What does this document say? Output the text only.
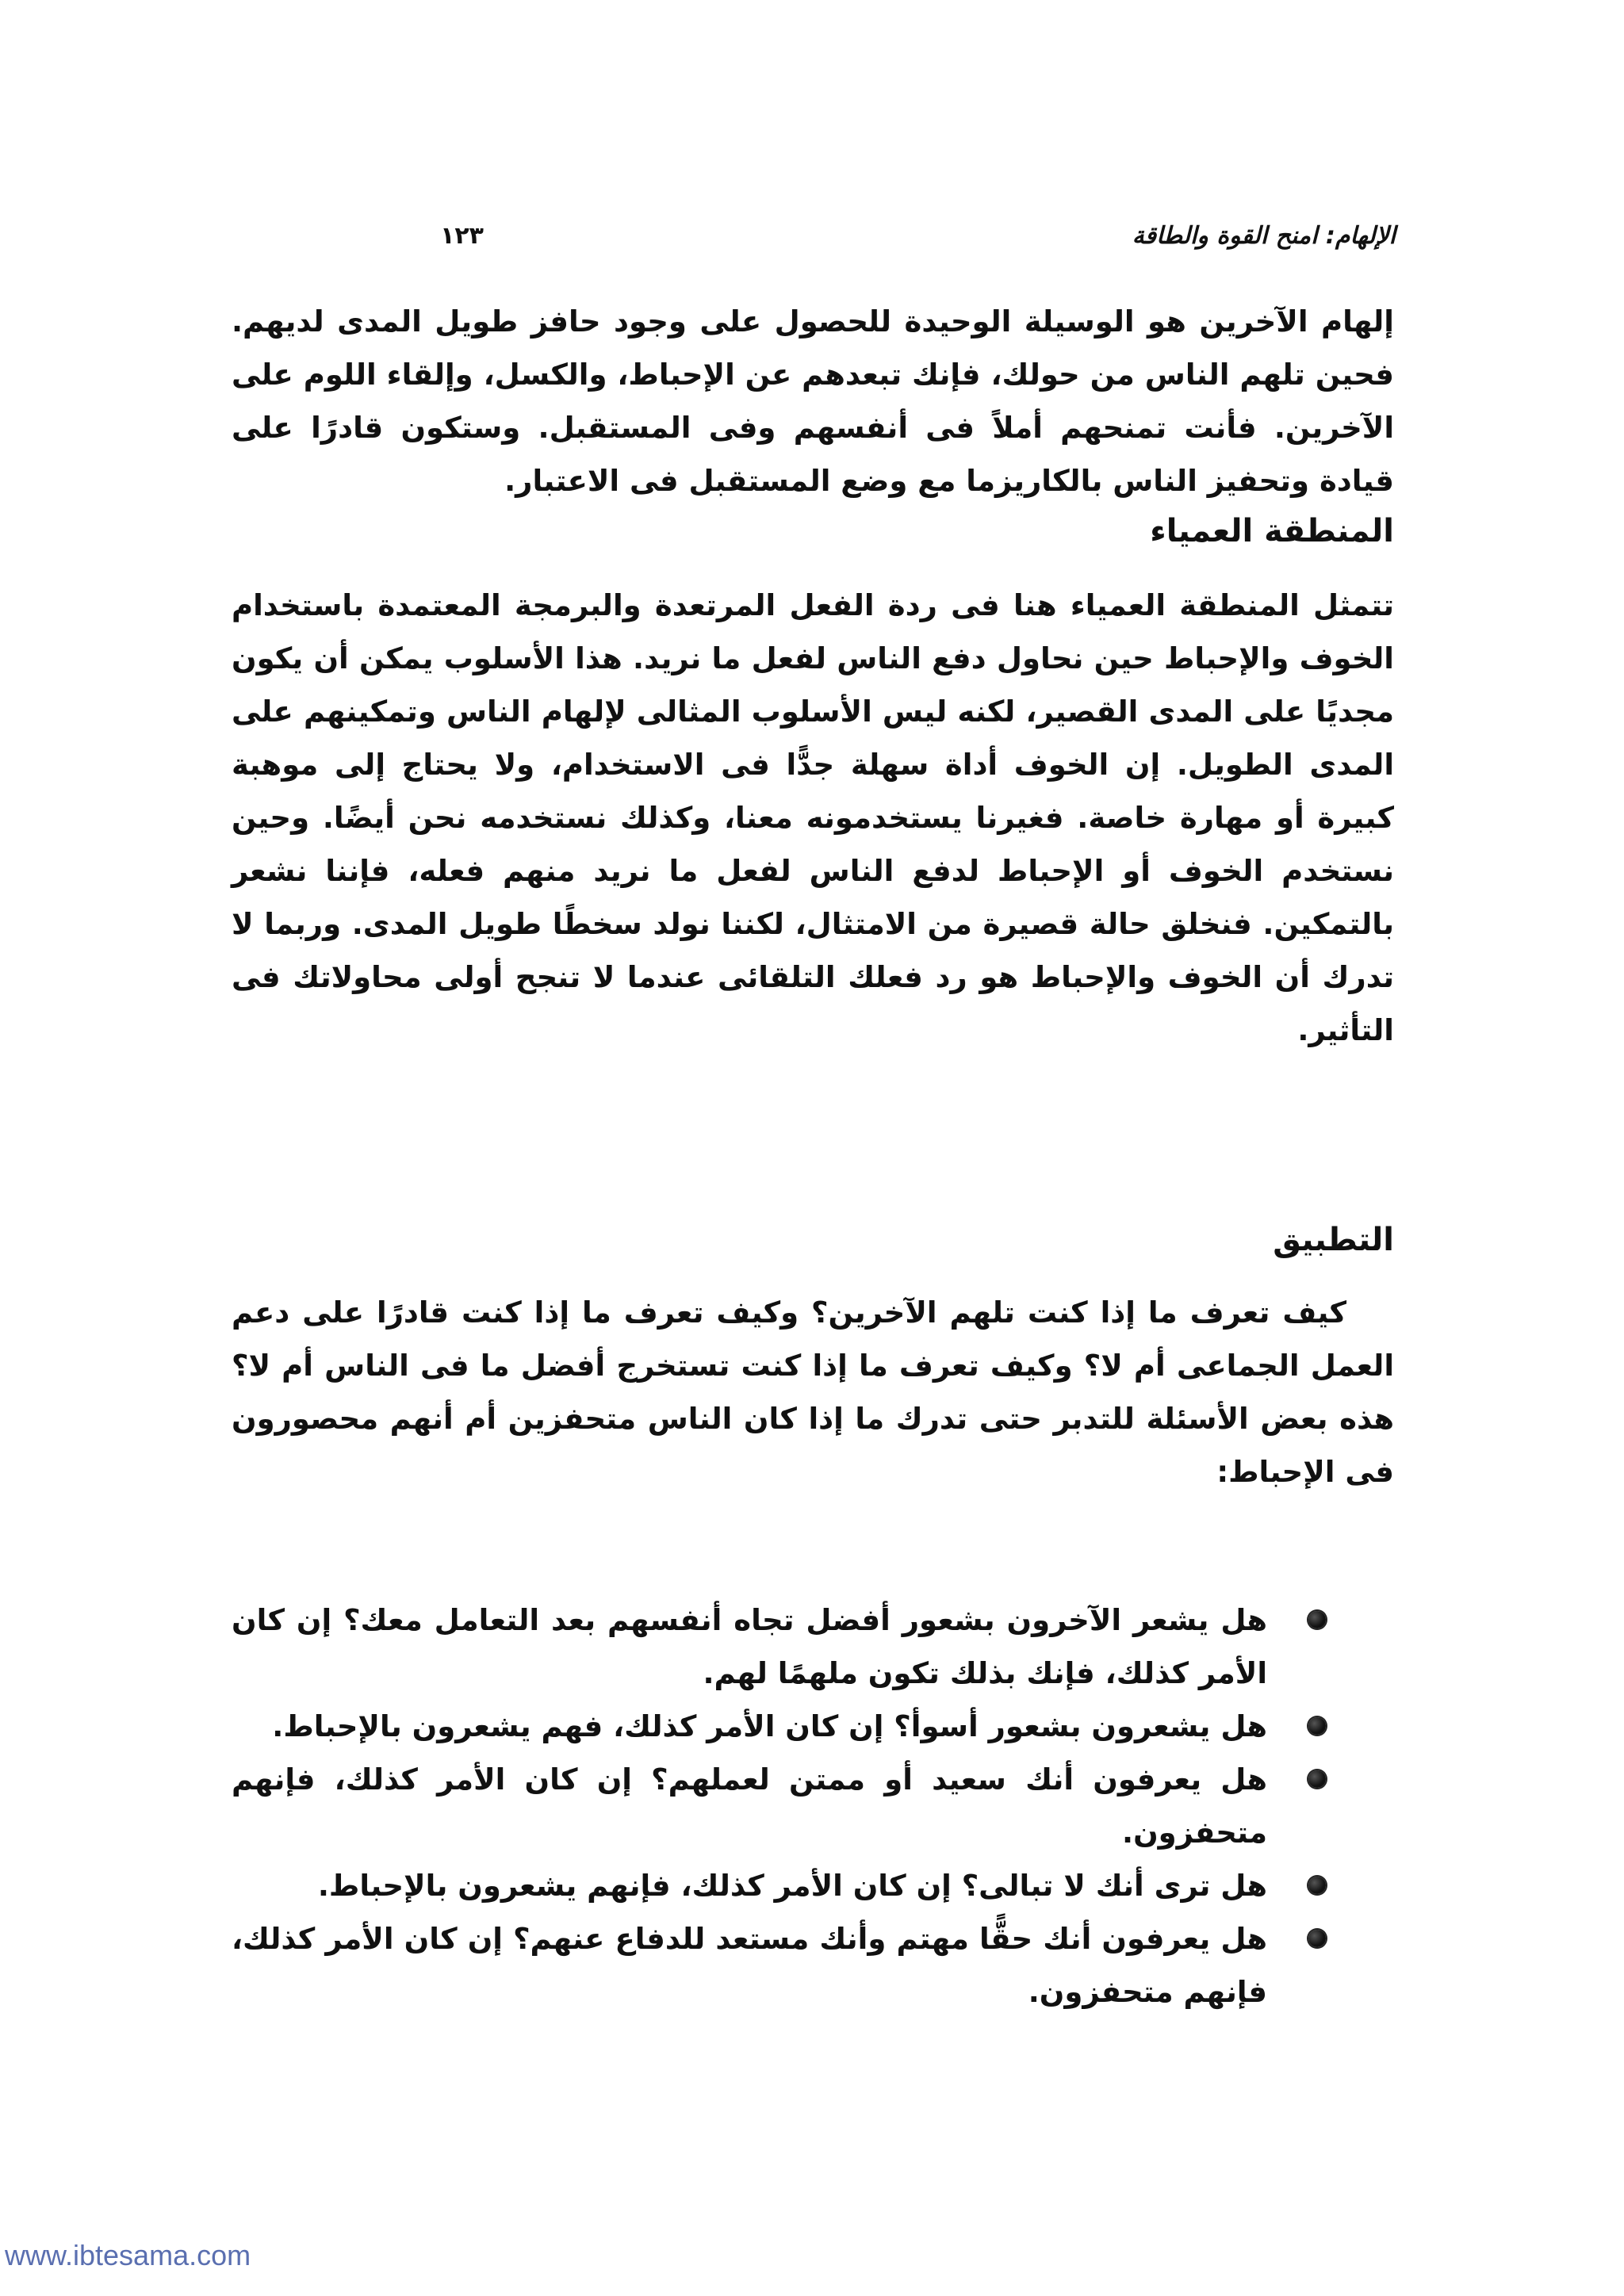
الإلهام: امنح القوة والطاقة
١٢٣

إلهام الآخرين هو الوسيلة الوحيدة للحصول على وجود حافز طويل المدى لديهم. فحين تلهم الناس من حولك، فإنك تبعدهم عن الإحباط، والكسل، وإلقاء اللوم على الآخرين. فأنت تمنحهم أملاً فى أنفسهم وفى المستقبل. وستكون قادرًا على قيادة وتحفيز الناس بالكاريزما مع وضع المستقبل فى الاعتبار.

المنطقة العمياء

تتمثل المنطقة العمياء هنا فى ردة الفعل المرتعدة والبرمجة المعتمدة باستخدام الخوف والإحباط حين نحاول دفع الناس لفعل ما نريد. هذا الأسلوب يمكن أن يكون مجديًا على المدى القصير، لكنه ليس الأسلوب المثالى لإلهام الناس وتمكينهم على المدى الطويل. إن الخوف أداة سهلة جدًّا فى الاستخدام، ولا يحتاج إلى موهبة كبيرة أو مهارة خاصة. فغيرنا يستخدمونه معنا، وكذلك نستخدمه نحن أيضًا. وحين نستخدم الخوف أو الإحباط لدفع الناس لفعل ما نريد منهم فعله، فإننا نشعر بالتمكين. فنخلق حالة قصيرة من الامتثال، لكننا نولد سخطًا طويل المدى. وربما لا تدرك أن الخوف والإحباط هو رد فعلك التلقائى عندما لا تنجح أولى محاولاتك فى التأثير.

التطبيق

كيف تعرف ما إذا كنت تلهم الآخرين؟ وكيف تعرف ما إذا كنت قادرًا على دعم العمل الجماعى أم لا؟ وكيف تعرف ما إذا كنت تستخرج أفضل ما فى الناس أم لا؟ هذه بعض الأسئلة للتدبر حتى تدرك ما إذا كان الناس متحفزين أم أنهم محصورون فى الإحباط:

هل يشعر الآخرون بشعور أفضل تجاه أنفسهم بعد التعامل معك؟ إن كان الأمر كذلك، فإنك بذلك تكون ملهمًا لهم.
هل يشعرون بشعور أسوأ؟ إن كان الأمر كذلك، فهم يشعرون بالإحباط.
هل يعرفون أنك سعيد أو ممتن لعملهم؟ إن كان الأمر كذلك، فإنهم متحفزون.
هل ترى أنك لا تبالى؟ إن كان الأمر كذلك، فإنهم يشعرون بالإحباط.
هل يعرفون أنك حقًّا مهتم وأنك مستعد للدفاع عنهم؟ إن كان الأمر كذلك، فإنهم متحفزون.
www.ibtesama.com
